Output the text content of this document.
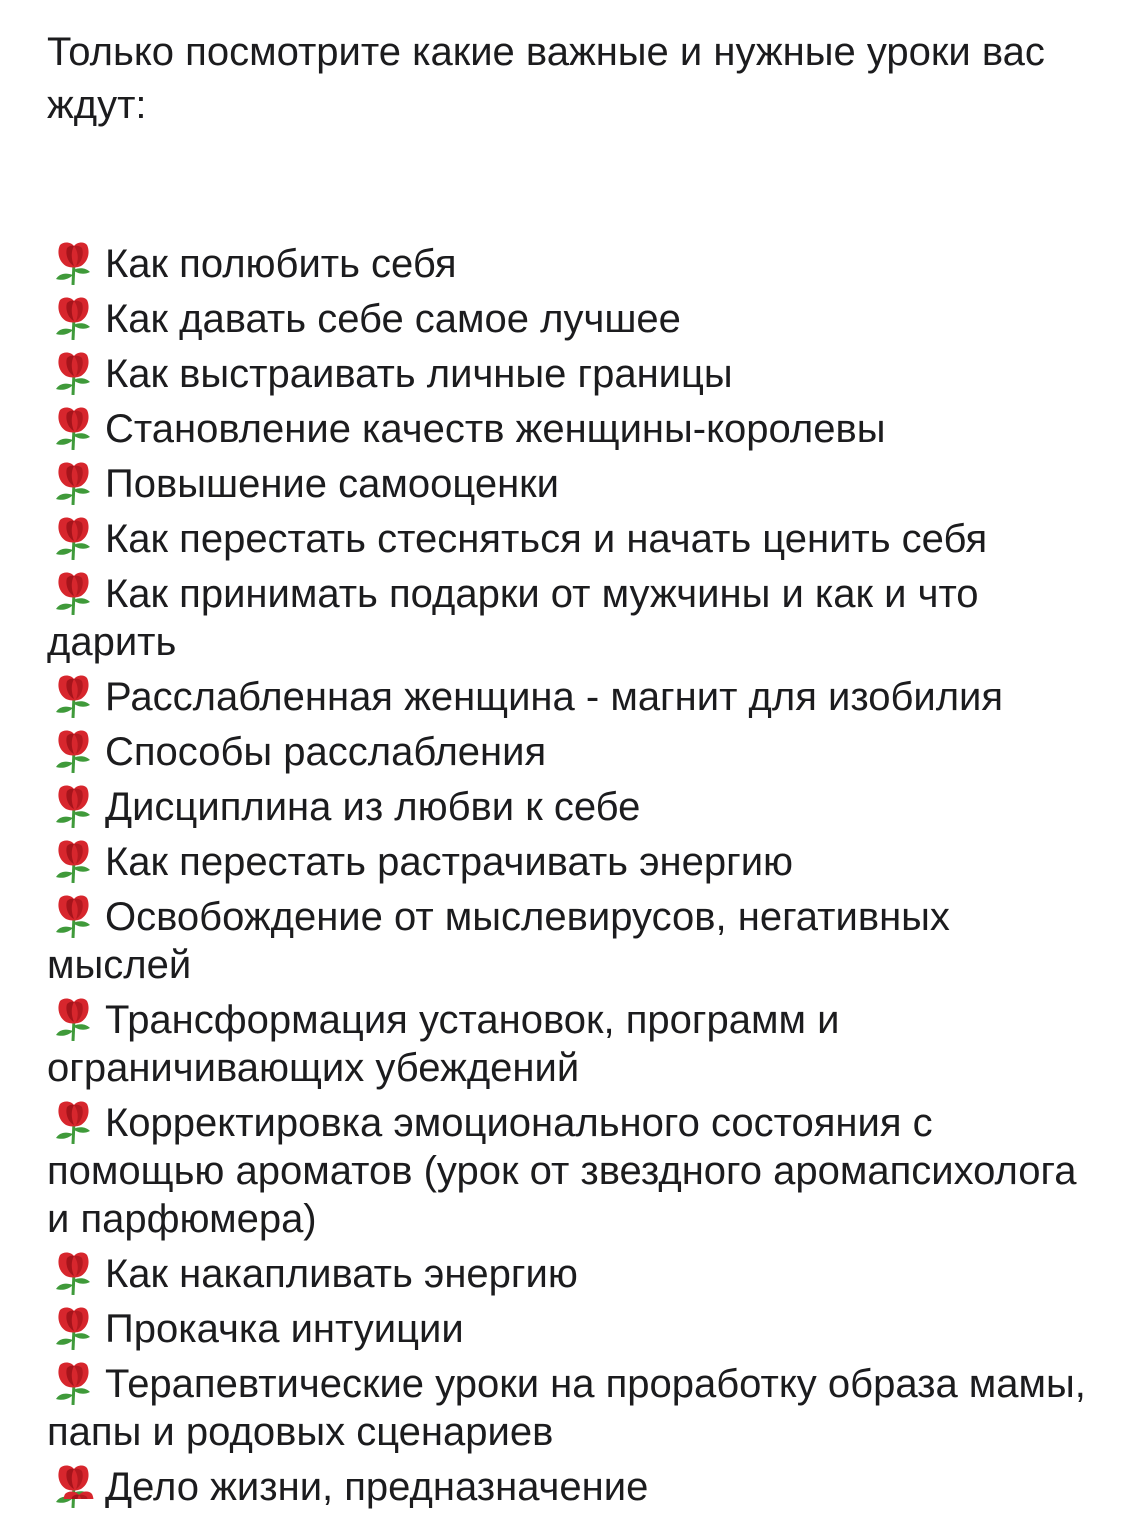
Только посмотрите какие важные и нужные уроки вас ждут:

Как полюбить себя
Как давать себе самое лучшее
Как выстраивать личные границы
Становление качеств женщины-королевы
Повышение самооценки
Как перестать стесняться и начать ценить себя
Как принимать подарки от мужчины и как и что дарить
Расслабленная женщина - магнит для изобилия
Способы расслабления
Дисциплина из любви к себе
Как перестать растрачивать энергию
Освобождение от мыслевирусов, негативных мыслей
Трансформация установок, программ и ограничивающих убеждений
Корректировка эмоционального состояния с помощью ароматов (урок от звездного аромапсихолога и парфюмера)
Как накапливать энергию
Прокачка интуиции
Терапевтические уроки на проработку образа мамы, папы и родовых сценариев
Дело жизни, предназначение
